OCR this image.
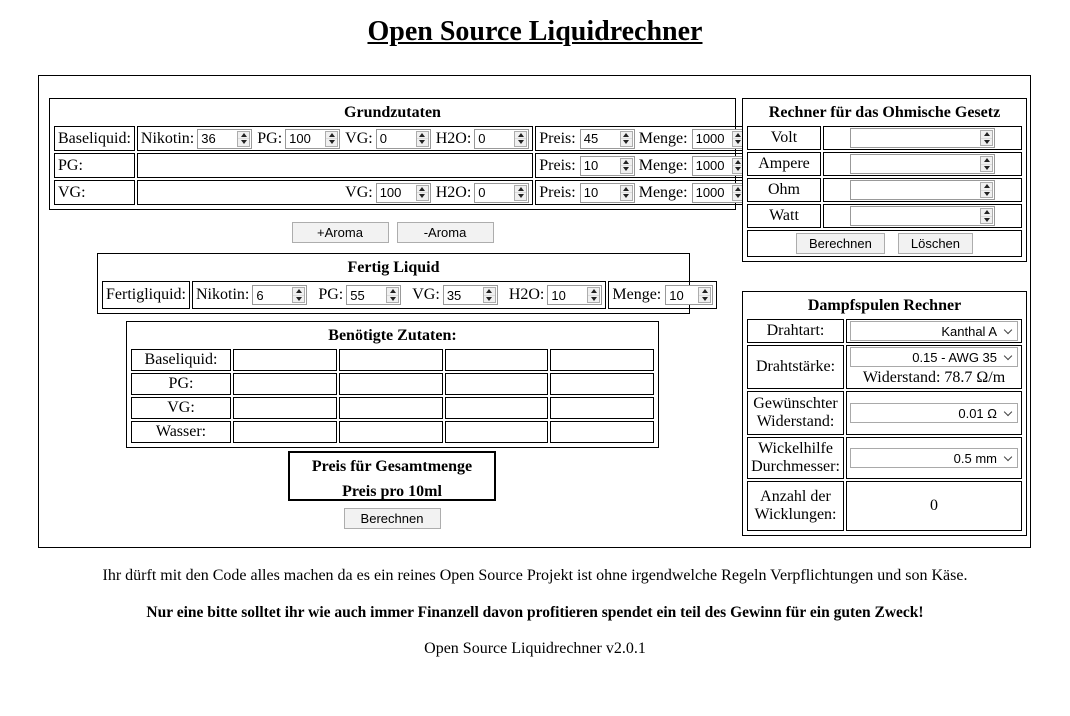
Open Source Liquidrechner
Grundzutaten
Baseliquid:	Nikotin: 36	PG: 100 VG: 0	H2O: 0	Preis: 45	Menge: 1000

PG:		Preis: 10 Menge: 1000

VG:	VG: 100 H2O: 0	Preis: 10 Menge: 1000
+Aroma	-Aroma
Fertig Liquid
Fertigliquid:	Nikotin: 6	PG: 55	VG: 35	H2O: 10	Menge: 10
Benötigte Zutaten:
Baseliquid:				
PG:				
VG:				
Wasser:				
Preis für Gesamtmenge
Preis pro 10ml
Berechnen
Rechner für das Ohmische Gesetz
Volt	

Ampere	

Ohm	

Watt	

Berechnen Löschen	
Dampfspulen Rechner
Drahtart:	Kanthal A

Drahtstärke:	0.15 - AWG 35
Widerstand: 78.7 Ω/m

Gewünschter Widerstand:	0.01 Ω

Wickelhilfe Durchmesser:	0.5 mm

Anzahl der Wicklungen:	0
Ihr dürft mit den Code alles machen da es ein reines Open Source Projekt ist ohne irgendwelche Regeln Verpflichtungen und son Käse.
Nur eine bitte solltet ihr wie auch immer Finanzell davon profitieren spendet ein teil des Gewinn für ein guten Zweck!
Open Source Liquidrechner v2.0.1
